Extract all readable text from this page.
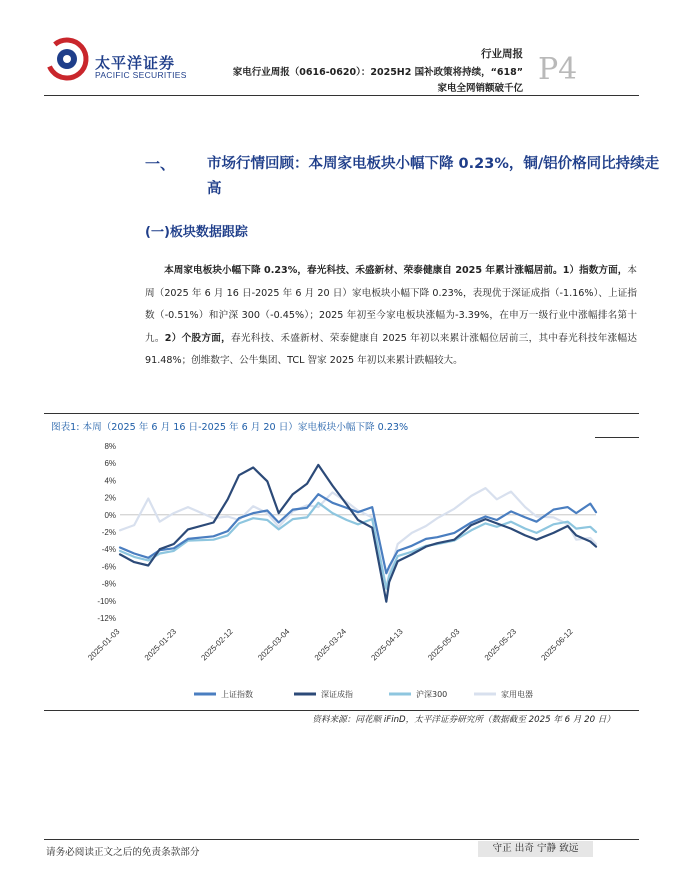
太平洋证券
PACIFIC SECURITIES
行业周报
家电行业周报（0616-0620）：2025H2 国补政策将持续，“618”
家电全网销额破千亿
P4
一、 市场行情回顾：本周家电板块小幅下降 0.23%，铜/铝价格同比持续走高
(一)板块数据跟踪
本周家电板块小幅下降 0.23%，春光科技、禾盛新材、荣泰健康自 2025 年累计涨幅居前。1）指数方面，本周（2025 年 6 月 16 日-2025 年 6 月 20 日）家电板块小幅下降 0.23%，表现优于深证成指（-1.16%）、上证指数（-0.51%）和沪深 300（-0.45%）；2025 年初至今家电板块涨幅为-3.39%，在申万一级行业中涨幅排名第十九。2）个股方面，春光科技、禾盛新材、荣泰健康自 2025 年初以来累计涨幅位居前三，其中春光科技年涨幅达 91.48%；创维数字、公牛集团、TCL 智家 2025 年初以来累计跌幅较大。
图表1: 本周（2025 年 6 月 16 日-2025 年 6 月 20 日）家电板块小幅下降 0.23%
8%
6%
4%
2%
0%
-2%
-4%
-6%
-8%
-10%
-12%
2025-01-03	2025-01-23	2025-02-12	2025-03-04	2025-03-24	2025-04-13	2025-05-03	2025-05-23	2025-06-12
上证指数	深证成指	沪深300	家用电器
资料来源：同花顺 iFinD，太平洋证券研究所（数据截至 2025 年 6 月 20 日）
请务必阅读正文之后的免责条款部分	守正 出奇 宁静 致远
